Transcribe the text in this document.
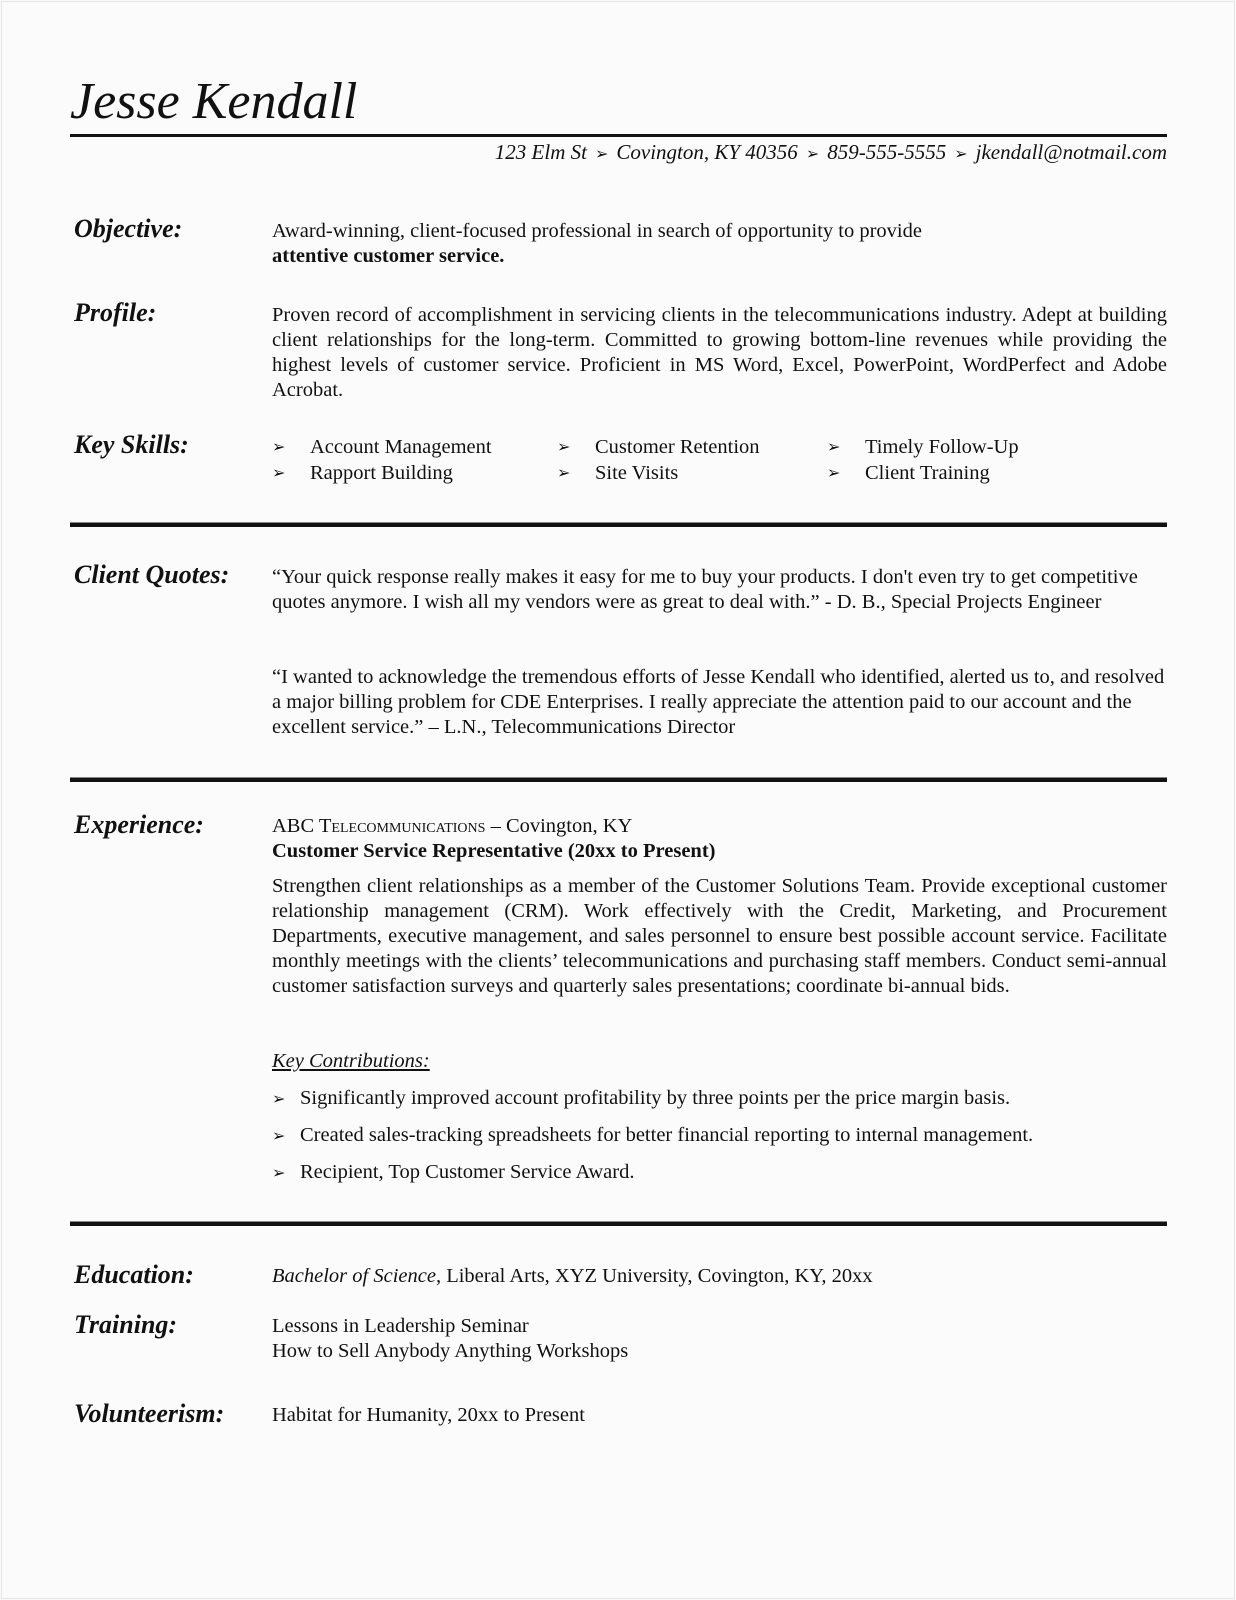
Jesse Kendall
123 Elm St ➢ Covington, KY 40356 ➢ 859-555-5555 ➢ jkendall@notmail.com
Objective:	Award-winning, client-focused professional in search of opportunity to provide
attentive customer service.
Profile:	Proven record of accomplishment in servicing clients in the telecommunications industry. Adept at building client relationships for the long-term. Committed to growing bottom-line revenues while providing the highest levels of customer service. Proficient in MS Word, Excel, PowerPoint, WordPerfect and Adobe Acrobat.
Key Skills:	➢	Account Management	➢	Customer Retention	➢	Timely Follow-Up
➢	Rapport Building	➢	Site Visits	➢	Client Training
Client Quotes: “Your quick response really makes it easy for me to buy your products. I don't even try to get competitive quotes anymore. I wish all my vendors were as great to deal with.” - D. B., Special Projects Engineer
“I wanted to acknowledge the tremendous efforts of Jesse Kendall who identified, alerted us to, and resolved a major billing problem for CDE Enterprises. I really appreciate the attention paid to our account and the excellent service.” – L.N., Telecommunications Director
Experience:	ABC Telecommunications – Covington, KY
Customer Service Representative (20xx to Present)
Strengthen client relationships as a member of the Customer Solutions Team. Provide exceptional customer relationship management (CRM). Work effectively with the Credit, Marketing, and Procurement Departments, executive management, and sales personnel to ensure best possible account service. Facilitate monthly meetings with the clients’ telecommunications and purchasing staff members. Conduct semi-annual customer satisfaction surveys and quarterly sales presentations; coordinate bi-annual bids.
Key Contributions:
➢ Significantly improved account profitability by three points per the price margin basis.
➢ Created sales-tracking spreadsheets for better financial reporting to internal management.
➢ Recipient, Top Customer Service Award.
Education:	Bachelor of Science, Liberal Arts, XYZ University, Covington, KY, 20xx
Training:	Lessons in Leadership Seminar
How to Sell Anybody Anything Workshops
Volunteerism: Habitat for Humanity, 20xx to Present
